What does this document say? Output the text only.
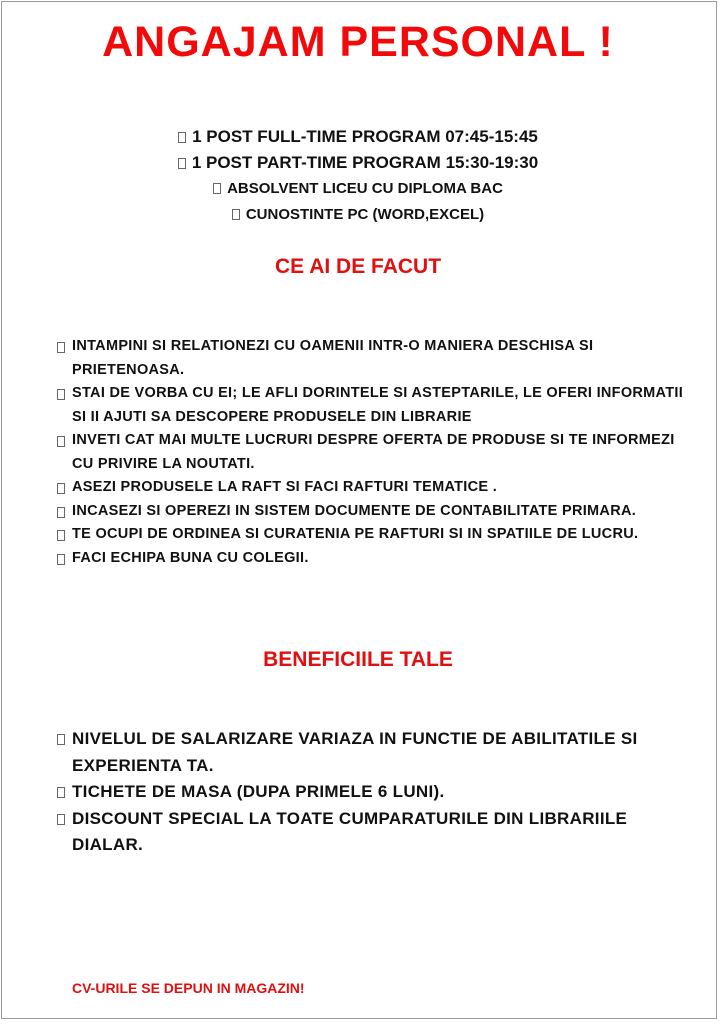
ANGAJAM PERSONAL !
1 POST FULL-TIME PROGRAM 07:45-15:45
1 POST PART-TIME PROGRAM 15:30-19:30
ABSOLVENT LICEU CU DIPLOMA BAC
CUNOSTINTE PC (WORD,EXCEL)
CE AI DE FACUT
INTAMPINI SI RELATIONEZI CU OAMENII INTR-O MANIERA DESCHISA SI PRIETENOASA.
STAI DE VORBA CU EI; LE AFLI DORINTELE SI ASTEPTARILE, LE OFERI INFORMATII SI II AJUTI SA DESCOPERE PRODUSELE DIN LIBRARIE
INVETI CAT MAI MULTE LUCRURI DESPRE OFERTA DE PRODUSE SI TE INFORMEZI CU PRIVIRE LA NOUTATI.
ASEZI PRODUSELE LA RAFT SI FACI RAFTURI TEMATICE .
INCASEZI SI OPEREZI IN SISTEM DOCUMENTE DE CONTABILITATE PRIMARA.
TE OCUPI DE ORDINEA SI CURATENIA PE RAFTURI SI IN SPATIILE DE LUCRU.
FACI ECHIPA BUNA CU COLEGII.
BENEFICIILE TALE
NIVELUL DE SALARIZARE VARIAZA IN FUNCTIE DE ABILITATILE SI EXPERIENTA TA.
TICHETE DE MASA (DUPA PRIMELE 6 LUNI).
DISCOUNT SPECIAL LA TOATE CUMPARATURILE DIN LIBRARIILE DIALAR.

CV-URILE SE DEPUN IN MAGAZIN!
